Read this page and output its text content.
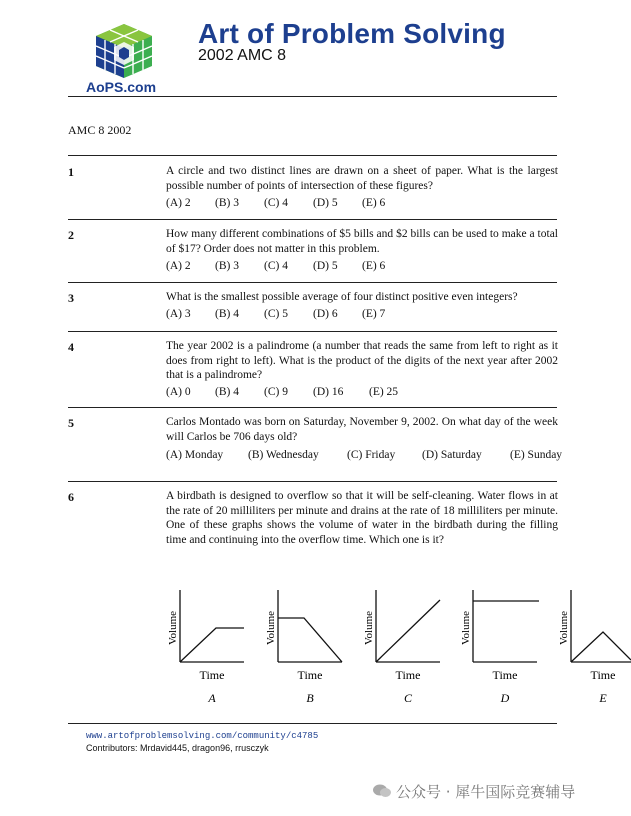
AoPS.com
Art of Problem Solving
2002 AMC 8
AMC 8 2002
1	A circle and two distinct lines are drawn on a sheet of paper. What is the largest possible number of points of intersection of these figures?
(A) 2 (B) 3 (C) 4 (D) 5 (E) 6
2	How many different combinations of $5 bills and $2 bills can be used to make a total of $17? Order does not matter in this problem.
(A) 2 (B) 3 (C) 4 (D) 5 (E) 6
3	What is the smallest possible average of four distinct positive even integers?
(A) 3 (B) 4 (C) 5 (D) 6 (E) 7
4	The year 2002 is a palindrome (a number that reads the same from left to right as it does from right to left). What is the product of the digits of the next year after 2002 that is a palindrome?
(A) 0 (B) 4 (C) 9 (D) 16 (E) 25
5	Carlos Montado was born on Saturday, November 9, 2002. On what day of the week will Carlos be 706 days old?
(A) Monday (B) Wednesday (C) Friday (D) Saturday (E) Sunday
6	A birdbath is designed to overflow so that it will be self-cleaning. Water flows in at the rate of 20 milliliters per minute and drains at the rate of 18 milliliters per minute. One of these graphs shows the volume of water in the birdbath during the filling time and continuing into the overflow time. Which one is it?
Volume
Time
A
Volume
Time
B
Volume
Time
C
Volume
Time
D
Volume
Time
E
www.artofproblemsolving.com/community/c4785
Contributors: Mrdavid445, dragon96, rrusczyk
公众号 · 犀牛国际竞赛辅导
